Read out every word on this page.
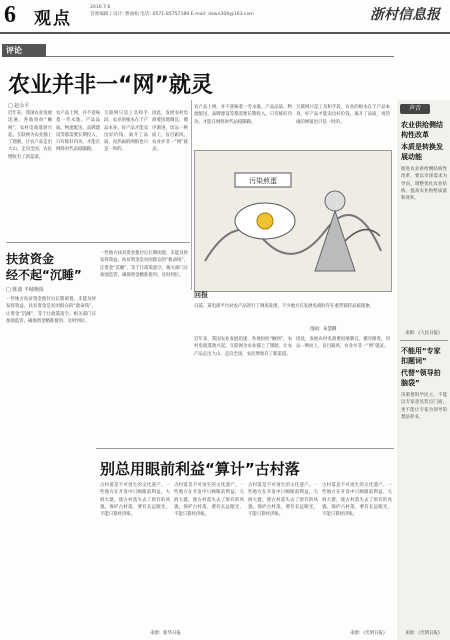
6 观点
2016.7.6
首席编辑 / 设计: 曹丽娟 电话: 0571-85757189 E-mail: dawn306@163.com	浙村信息报
评论
农业并非一“网”就灵
□ 赵永平
近年来，我国农业发展迅速，各地纷纷“触网”，农村电商蓬勃兴起。互联网为农业插上了翅膀，让农产品走出大山、走向全国，农民增收有了新渠道。
农产品上网，并不意味着一劳永逸。产品品质、物流配送、品牌建设等都需要长期投入，只有练好内功，才能在网络时代站稳脚跟。
互联网只是工具和手段，农业的根本在于产品本身。好产品才能卖出好价钱，离开了品质，再热闹的网销也只是一时的。
因此，发展农村电商要因地制宜，循序渐进，切忌一哄而上，盲目跟风。农业并非一“网”就灵。
农产品上网，并不意味着一劳永逸。产品品质、物流配送、品牌建设等都需要长期投入，只有练好内功，才能在网络时代站稳脚跟。
互联网只是工具和手段，农业的根本在于产品本身。好产品才能卖出好价钱，离开了品质，再热闹的网销也只是一时的。
污染煎蛋
回报
日前，某电商平台对农产品进行了调查发现，不少地方在发展电商时存在重营销轻品质现象。
漫画：朱慧卿
扶贫资金
经不起“沉睡”
□ 陈波 羊城晚报
一些地方扶贫资金拨付后长期闲置，未能及时发挥效益。扶贫资金是贫困群众的“救命钱”，让资金“沉睡”，等于让政策落空。相关部门应加强监管，确保资金精准使用、及时到位。
一些地方扶贫资金拨付后长期闲置，未能及时发挥效益。扶贫资金是贫困群众的“救命钱”，让资金“沉睡”，等于让政策落空。相关部门应加强监管，确保资金精准使用、及时到位。
来源：新华日报
别总用眼前利益“算计”古村落
古村落是不可再生的文化遗产。一些地方在开发中只顾眼前利益，大拆大建，使古村落失去了原有的风貌。保护古村落，要有长远眼光，不能只算经济账。
古村落是不可再生的文化遗产。一些地方在开发中只顾眼前利益，大拆大建，使古村落失去了原有的风貌。保护古村落，要有长远眼光，不能只算经济账。
古村落是不可再生的文化遗产。一些地方在开发中只顾眼前利益，大拆大建，使古村落失去了原有的风貌。保护古村落，要有长远眼光，不能只算经济账。
古村落是不可再生的文化遗产。一些地方在开发中只顾眼前利益，大拆大建，使古村落失去了原有的风貌。保护古村落，要有长远眼光，不能只算经济账。
来源：《光明日报》
因此，发展农村电商要因地制宜，循序渐进，切忌一哄而上，盲目跟风。农业并非一“网”就灵。
近年来，我国农业发展迅速，各地纷纷“触网”，农村电商蓬勃兴起。互联网为农业插上了翅膀，让农产品走出大山、走向全国，农民增收有了新渠道。
声音
农业供给侧结构性改革
本质是转换发展动能
推进农业供给侧结构性改革，要以市场需求为导向，调整优化农业结构，提高农业供给质量和效率。
来源：《人民日报》
不能用“专家扣题词”
代替“领导拍脑袋”
决策要科学民主，不能以专家意见装点门面，更不能让专家为领导的想法背书。
来源：《光明日报》
